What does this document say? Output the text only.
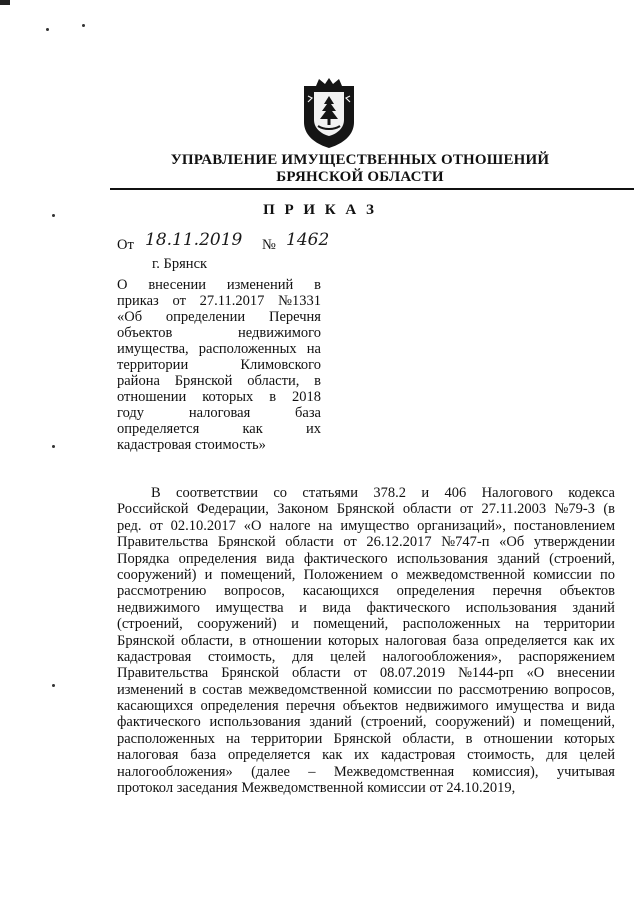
УПРАВЛЕНИЕ ИМУЩЕСТВЕННЫХ ОТНОШЕНИЙ
БРЯНСКОЙ ОБЛАСТИ
П Р И К А З
От 18.11.2019 № 1462
г. Брянск
О внесении изменений в
приказ от 27.11.2017 №1331
«Об определении Перечня
объектов	недвижимого
имущества, расположенных на
территории	Климовского
района Брянской области, в
отношении которых в 2018
году	налоговая	база
определяется	как	их
кадастровая стоимость»
В соответствии со статьями 378.2 и 406 Налогового кодекса
Российской Федерации, Законом Брянской области от 27.11.2003 №79-З (в
ред. от 02.10.2017 «О налоге на имущество организаций», постановлением
Правительства Брянской области от 26.12.2017 №747-п «Об утверждении
Порядка определения вида фактического использования зданий (строений,
сооружений) и помещений, Положением о межведомственной комиссии по
рассмотрению вопросов, касающихся определения перечня объектов
недвижимого имущества и вида фактического использования зданий
(строений, сооружений) и помещений, расположенных на территории
Брянской области, в отношении которых налоговая база определяется как их
кадастровая стоимость, для целей налогообложения», распоряжением
Правительства Брянской области от 08.07.2019 №144-рп «О внесении
изменений в состав межведомственной комиссии по рассмотрению вопросов,
касающихся определения перечня объектов недвижимого имущества и вида
фактического использования зданий (строений, сооружений) и помещений,
расположенных на территории Брянской области, в отношении которых
налоговая база определяется как их кадастровая стоимость, для целей
налогообложения» (далее – Межведомственная комиссия), учитывая
протокол заседания Межведомственной комиссии от 24.10.2019,
